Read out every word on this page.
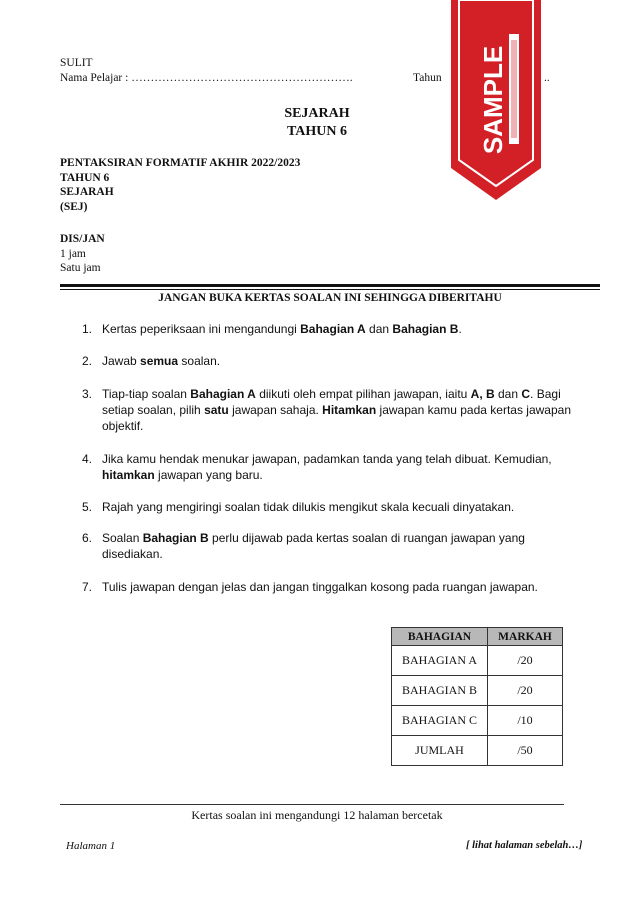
SULIT
Nama Pelajar : ………………………………………………….	Tahun	..
SEJARAH
TAHUN 6
PENTAKSIRAN FORMATIF AKHIR 2022/2023
TAHUN 6
SEJARAH
(SEJ)
DIS/JAN
1 jam
Satu jam
JANGAN BUKA KERTAS SOALAN INI SEHINGGA DIBERITAHU
1. Kertas peperiksaan ini mengandungi Bahagian A dan Bahagian B.
2. Jawab semua soalan.
3. Tiap-tiap soalan Bahagian A diikuti oleh empat pilihan jawapan, iaitu A, B dan C. Bagi setiap soalan, pilih satu jawapan sahaja. Hitamkan jawapan kamu pada kertas jawapan objektif.
4. Jika kamu hendak menukar jawapan, padamkan tanda yang telah dibuat. Kemudian, hitamkan jawapan yang baru.
5. Rajah yang mengiringi soalan tidak dilukis mengikut skala kecuali dinyatakan.
6. Soalan Bahagian B perlu dijawab pada kertas soalan di ruangan jawapan yang disediakan.
7. Tulis jawapan dengan jelas dan jangan tinggalkan kosong pada ruangan jawapan.
BAHAGIAN	MARKAH
BAHAGIAN A	/20
BAHAGIAN B	/20
BAHAGIAN C	/10
JUMLAH	/50
Kertas soalan ini mengandungi 12 halaman bercetak
Halaman 1	[ lihat halaman sebelah…]
SAMPLE
